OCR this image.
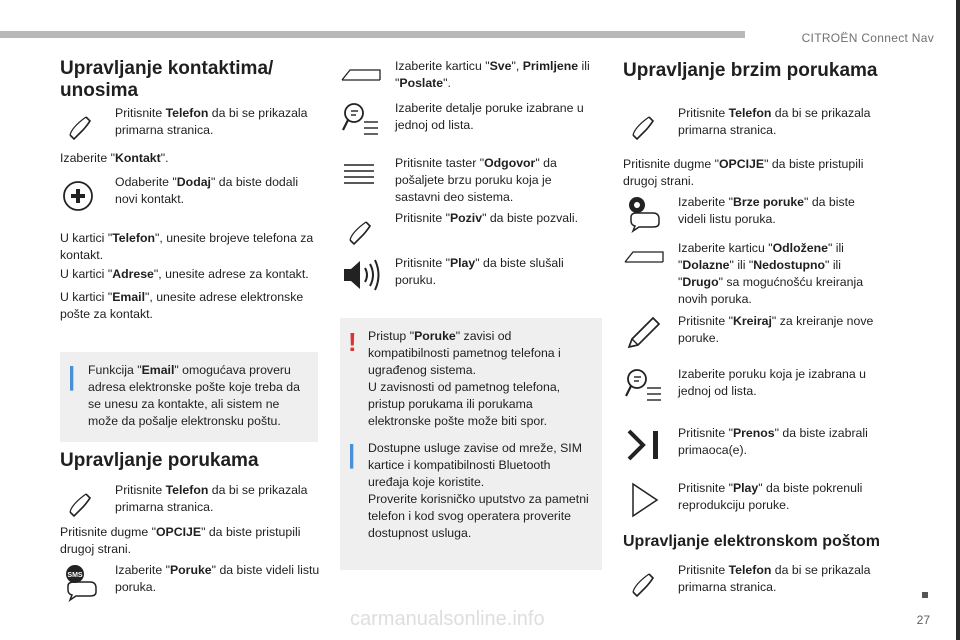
CITROËN Connect Nav
27
carmanualsonline.info
Upravljanje kontaktima/ unosima
Pritisnite Telefon da bi se prikazala primarna stranica.
Izaberite "Kontakt".
Odaberite "Dodaj" da biste dodali novi kontakt.
U kartici "Telefon", unesite brojeve telefona za kontakt.
U kartici "Adrese", unesite adrese za kontakt.
U kartici "Email", unesite adrese elektronske pošte za kontakt.
|	Funkcija "Email" omogućava proveru adresa elektronske pošte koje treba da se unesu za kontakte, ali sistem ne može da pošalje elektronsku poštu.
Upravljanje porukama
Pritisnite Telefon da bi se prikazala primarna stranica.
Pritisnite dugme "OPCIJE" da biste pristupili drugoj strani.
SMS	Izaberite "Poruke" da biste videli listu poruka.
Izaberite karticu "Sve", Primljene ili "Poslate".
Izaberite detalje poruke izabrane u jednoj od lista.
Pritisnite taster "Odgovor" da pošaljete brzu poruku koja je sastavni deo sistema.
Pritisnite "Poziv" da biste pozvali.
Pritisnite "Play" da biste slušali poruku.
! Pristup "Poruke" zavisi od kompatibilnosti pametnog telefona i ugrađenog sistema.
U zavisnosti od pametnog telefona, pristup porukama ili porukama elektronske pošte može biti spor.
|	Dostupne usluge zavise od mreže, SIM kartice i kompatibilnosti Bluetooth uređaja koje koristite.
Proverite korisničko uputstvo za pametni telefon i kod svog operatera proverite dostupnost usluga.
Upravljanje brzim porukama
Pritisnite Telefon da bi se prikazala primarna stranica.
Pritisnite dugme "OPCIJE" da biste pristupili drugoj strani.
Izaberite "Brze poruke" da biste videli listu poruka.
Izaberite karticu "Odložene" ili "Dolazne" ili "Nedostupno" ili "Drugo" sa mogućnošću kreiranja novih poruka.
Pritisnite "Kreiraj" za kreiranje nove poruke.
Izaberite poruku koja je izabrana u jednoj od lista.
Pritisnite "Prenos" da biste izabrali primaoca(e).
Pritisnite "Play" da biste pokrenuli reprodukciju poruke.
Upravljanje elektronskom poštom
Pritisnite Telefon da bi se prikazala primarna stranica.
